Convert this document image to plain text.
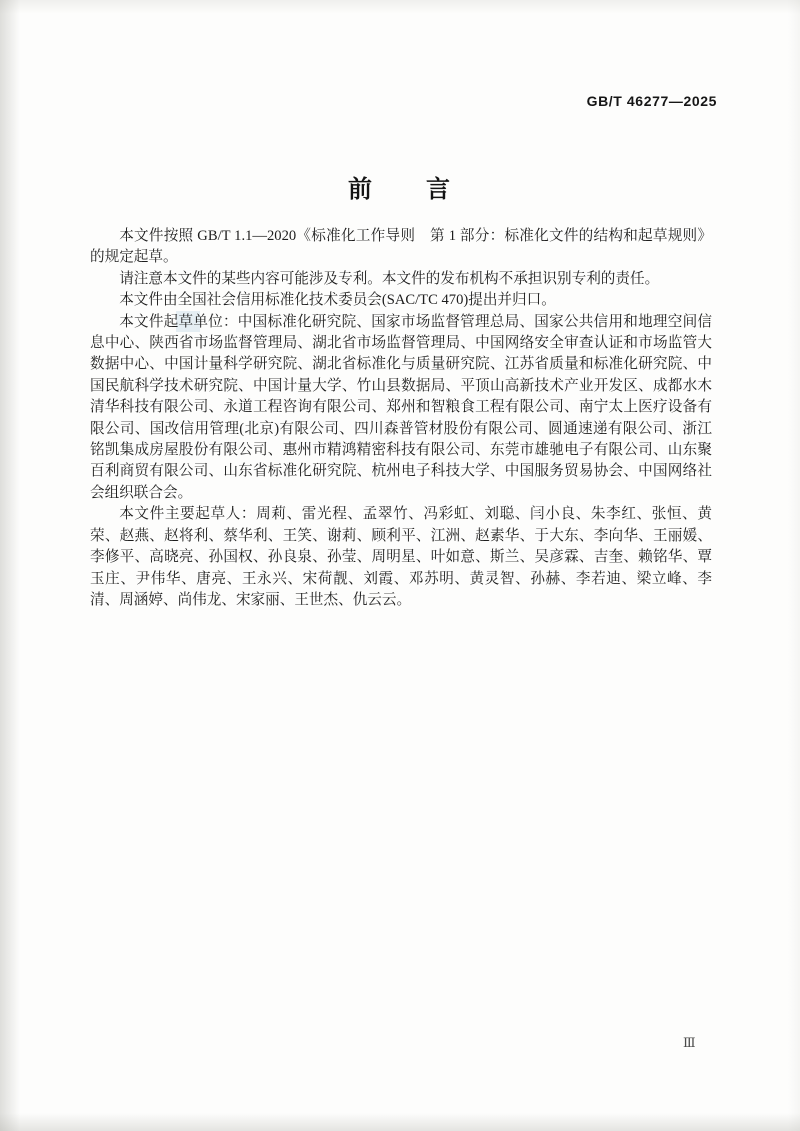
GB/T 46277—2025
前　　言

本文件按照 GB/T 1.1—2020《标准化工作导则　第 1 部分：标准化文件的结构和起草规则》的规定起草。

请注意本文件的某些内容可能涉及专利。本文件的发布机构不承担识别专利的责任。

本文件由全国社会信用标准化技术委员会(SAC/TC 470)提出并归口。

本文件起草单位：中国标准化研究院、国家市场监督管理总局、国家公共信用和地理空间信息中心、陕西省市场监督管理局、湖北省市场监督管理局、中国网络安全审查认证和市场监管大数据中心、中国计量科学研究院、湖北省标准化与质量研究院、江苏省质量和标准化研究院、中国民航科学技术研究院、中国计量大学、竹山县数据局、平顶山高新技术产业开发区、成都水木清华科技有限公司、永道工程咨询有限公司、郑州和智粮食工程有限公司、南宁太上医疗设备有限公司、国改信用管理(北京)有限公司、四川森普管材股份有限公司、圆通速递有限公司、浙江铭凯集成房屋股份有限公司、惠州市精鸿精密科技有限公司、东莞市雄驰电子有限公司、山东聚百利商贸有限公司、山东省标准化研究院、杭州电子科技大学、中国服务贸易协会、中国网络社会组织联合会。

本文件主要起草人：周莉、雷光程、孟翠竹、冯彩虹、刘聪、闫小良、朱李红、张恒、黄荣、赵燕、赵将利、蔡华利、王笑、谢莉、顾利平、江洲、赵素华、于大东、李向华、王丽媛、李修平、高晓亮、孙国权、孙良泉、孙莹、周明星、叶如意、斯兰、吴彦霖、吉奎、赖铭华、覃玉庄、尹伟华、唐亮、王永兴、宋荷靓、刘霞、邓苏明、黄灵智、孙赫、李若迪、梁立峰、李清、周涵婷、尚伟龙、宋家丽、王世杰、仇云云。

Ⅲ
